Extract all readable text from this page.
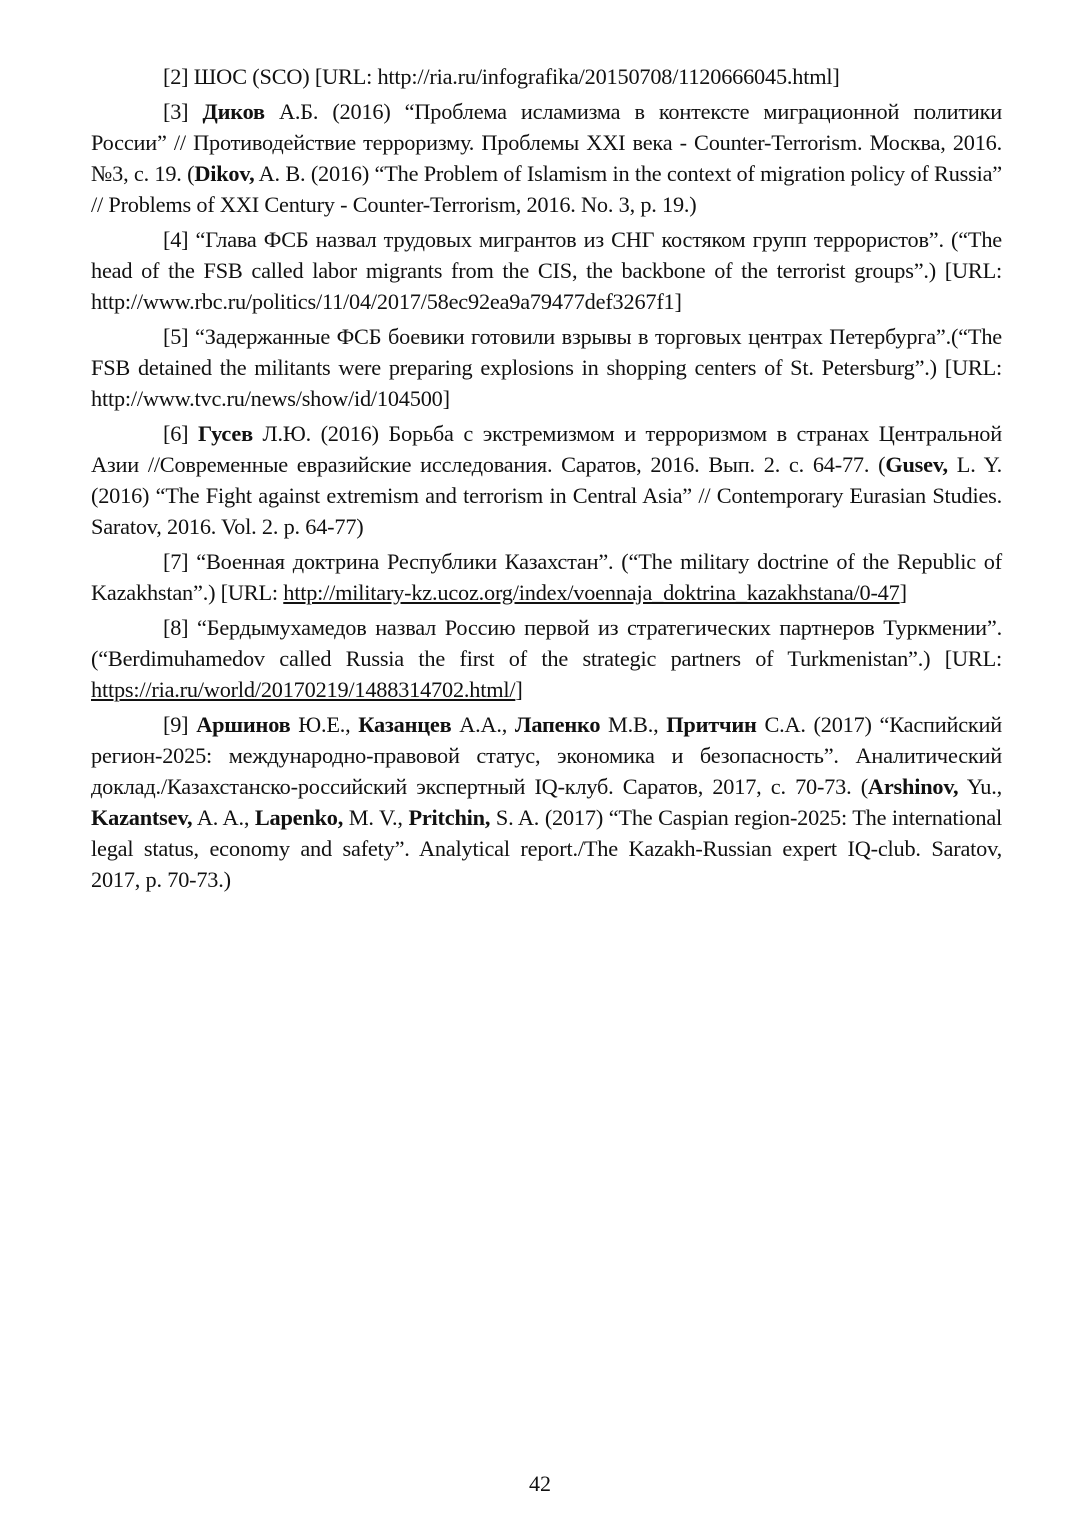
[2] ШОС (SCO) [URL: http://ria.ru/infografika/20150708/1120666045.html]

[3] Диков А.Б. (2016) “Проблема исламизма в контексте миграционной политики России” // Противодействие терроризму. Проблемы XXI века - Counter-Terrorism. Москва, 2016. №3, с. 19. (Dikov, A. B. (2016) “The Problem of Islamism in the context of migration policy of Russia” // Problems of XXI Century - Counter-Terrorism, 2016. No. 3, p. 19.)

[4] “Глава ФСБ назвал трудовых мигрантов из СНГ костяком групп террористов”. (“The head of the FSB called labor migrants from the CIS, the backbone of the terrorist groups”.) [URL: http://www.rbc.ru/politics/11/04/2017/58ec92ea9a79477def3267f1]

[5] “Задержанные ФСБ боевики готовили взрывы в торговых центрах Петербурга”.(“The FSB detained the militants were preparing explosions in shopping centers of St. Petersburg”.) [URL: http://www.tvc.ru/news/show/id/104500]

[6] Гусев Л.Ю. (2016) Борьба с экстремизмом и терроризмом в странах Центральной Азии //Современные евразийские исследования. Саратов, 2016. Вып. 2. с. 64-77. (Gusev, L. Y. (2016) “The Fight against extremism and terrorism in Central Asia” // Contemporary Eurasian Studies. Saratov, 2016. Vol. 2. p. 64-77)

[7] “Военная доктрина Республики Казахстан”. (“The military doctrine of the Republic of Kazakhstan”.) [URL: http://military-kz.ucoz.org/index/voennaja_doktrina_kazakhstana/0-47]

[8] “Бердымухамедов назвал Россию первой из стратегических партнеров Туркмении”. (“Berdimuhamedov called Russia the first of the strategic partners of Turkmenistan”.) [URL: https://ria.ru/world/20170219/1488314702.html/]

[9] Аршинов Ю.Е., Казанцев А.А., Лапенко М.В., Притчин С.А. (2017) “Каспийский регион-2025: международно-правовой статус, экономика и безопасность”. Аналитический доклад./Казахстанско-российский экспертный IQ-клуб. Саратов, 2017, с. 70-73. (Arshinov, Yu., Kazantsev, A. A., Lapenko, M. V., Pritchin, S. A. (2017) “The Caspian region-2025: The international legal status, economy and safety”. Analytical report./The Kazakh-Russian expert IQ-club. Saratov, 2017, p. 70-73.)

42
